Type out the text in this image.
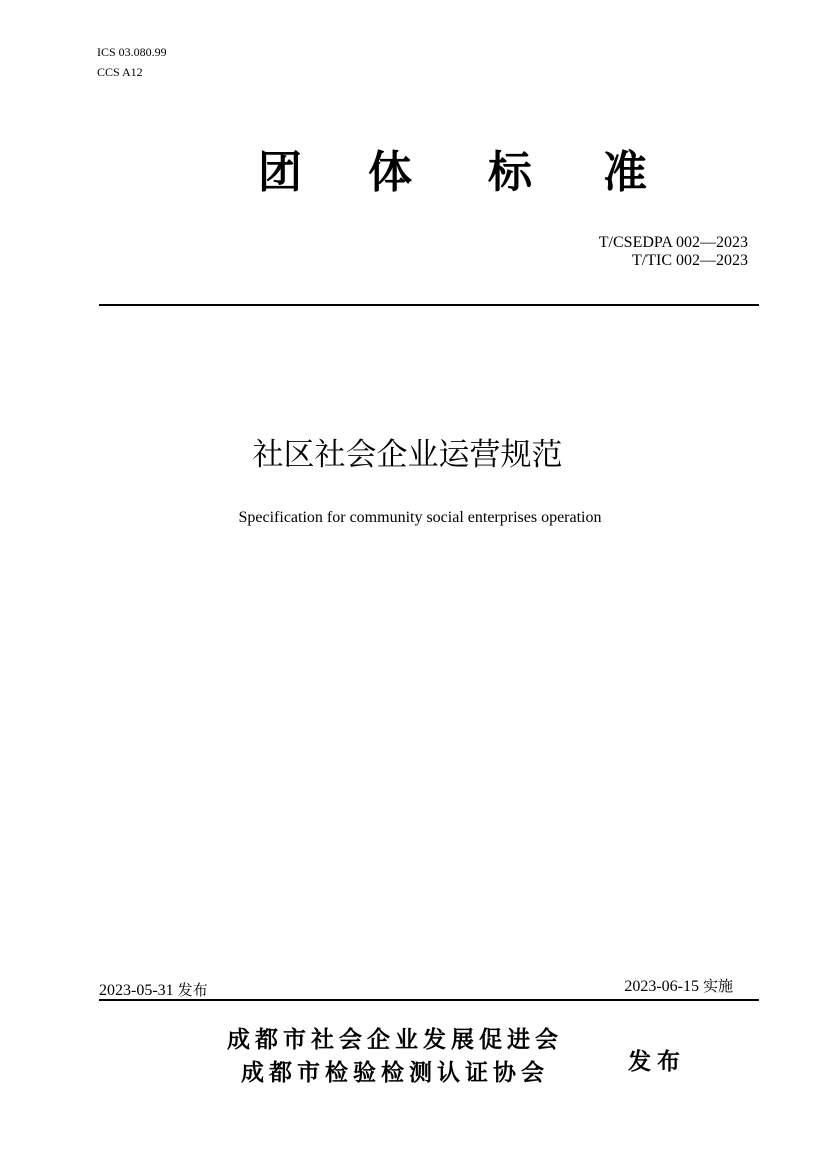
ICS 03.080.99
CCS A12
团 体 标 准
T/CSEDPA 002—2023
T/TIC 002—2023
社区社会企业运营规范
Specification for community social enterprises operation
2023-05-31 发布	2023-06-15 实施
成都市社会企业发展促进会
成都市检验检测认证协会	发布
